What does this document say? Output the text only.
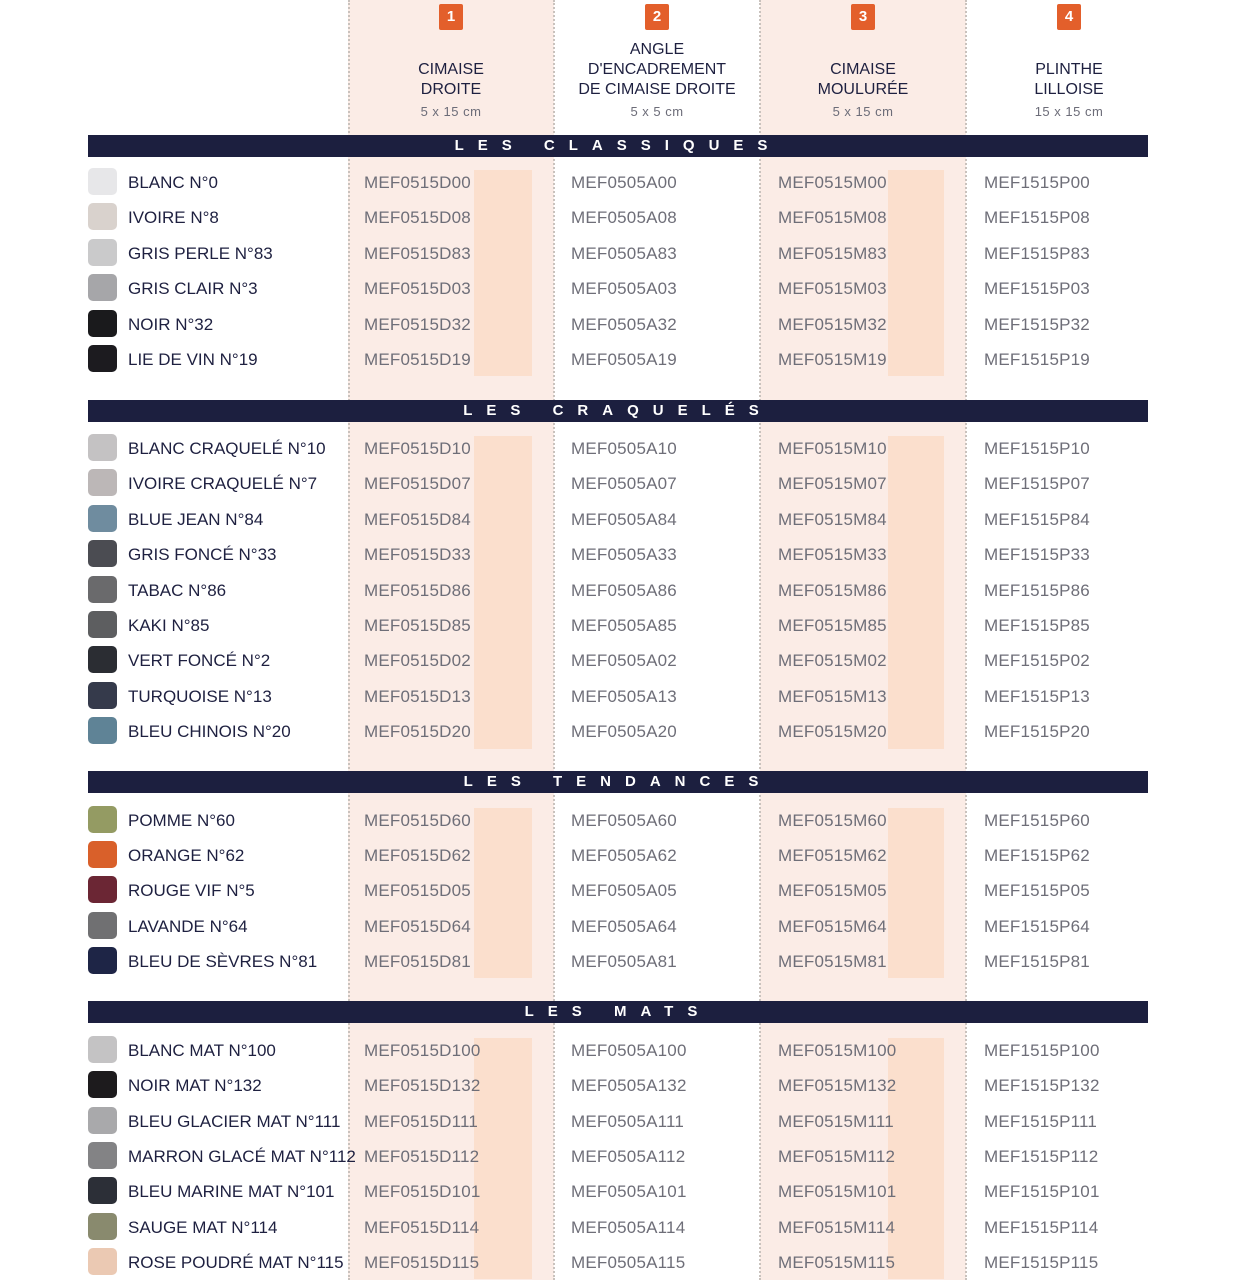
1
CIMAISE
DROITE
5 x 15 cm
2
ANGLE
D'ENCADREMENT
DE CIMAISE DROITE
5 x 5 cm
3
CIMAISE
MOULURÉE
5 x 15 cm
4
PLINTHE
LILLOISE
15 x 15 cm
LES CLASSIQUES
BLANC N°0	MEF0515D00	MEF0505A00	MEF0515M00	MEF1515P00
IVOIRE N°8	MEF0515D08	MEF0505A08	MEF0515M08	MEF1515P08
GRIS PERLE N°83	MEF0515D83	MEF0505A83	MEF0515M83	MEF1515P83
GRIS CLAIR N°3	MEF0515D03	MEF0505A03	MEF0515M03	MEF1515P03
NOIR N°32	MEF0515D32	MEF0505A32	MEF0515M32	MEF1515P32
LIE DE VIN N°19	MEF0515D19	MEF0505A19	MEF0515M19	MEF1515P19
LES CRAQUELÉS
BLANC CRAQUELÉ N°10 MEF0515D10	MEF0505A10	MEF0515M10	MEF1515P10
IVOIRE CRAQUELÉ N°7	MEF0515D07	MEF0505A07	MEF0515M07	MEF1515P07
BLUE JEAN N°84	MEF0515D84	MEF0505A84	MEF0515M84	MEF1515P84
GRIS FONCÉ N°33	MEF0515D33	MEF0505A33	MEF0515M33	MEF1515P33
TABAC N°86	MEF0515D86	MEF0505A86	MEF0515M86	MEF1515P86
KAKI N°85	MEF0515D85	MEF0505A85	MEF0515M85	MEF1515P85
VERT FONCÉ N°2	MEF0515D02	MEF0505A02	MEF0515M02	MEF1515P02
TURQUOISE N°13	MEF0515D13	MEF0505A13	MEF0515M13	MEF1515P13
BLEU CHINOIS N°20	MEF0515D20	MEF0505A20	MEF0515M20	MEF1515P20
LES TENDANCES
POMME N°60	MEF0515D60	MEF0505A60	MEF0515M60	MEF1515P60
ORANGE N°62	MEF0515D62	MEF0505A62	MEF0515M62	MEF1515P62
ROUGE VIF N°5	MEF0515D05	MEF0505A05	MEF0515M05	MEF1515P05
LAVANDE N°64	MEF0515D64	MEF0505A64	MEF0515M64	MEF1515P64
BLEU DE SÈVRES N°81	MEF0515D81	MEF0505A81	MEF0515M81	MEF1515P81
LES MATS
BLANC MAT N°100	MEF0515D100	MEF0505A100	MEF0515M100	MEF1515P100
NOIR MAT N°132	MEF0515D132	MEF0505A132	MEF0515M132	MEF1515P132
BLEU GLACIER MAT N°111 MEF0515D111	MEF0505A111	MEF0515M111	MEF1515P111
MARRON GLACÉ MAT N°112 MEF0515D112	MEF0505A112	MEF0515M112	MEF1515P112
BLEU MARINE MAT N°101 MEF0515D101	MEF0505A101	MEF0515M101	MEF1515P101
SAUGE MAT N°114	MEF0515D114	MEF0505A114	MEF0515M114	MEF1515P114
ROSE POUDRÉ MAT N°115 MEF0515D115	MEF0505A115	MEF0515M115	MEF1515P115
